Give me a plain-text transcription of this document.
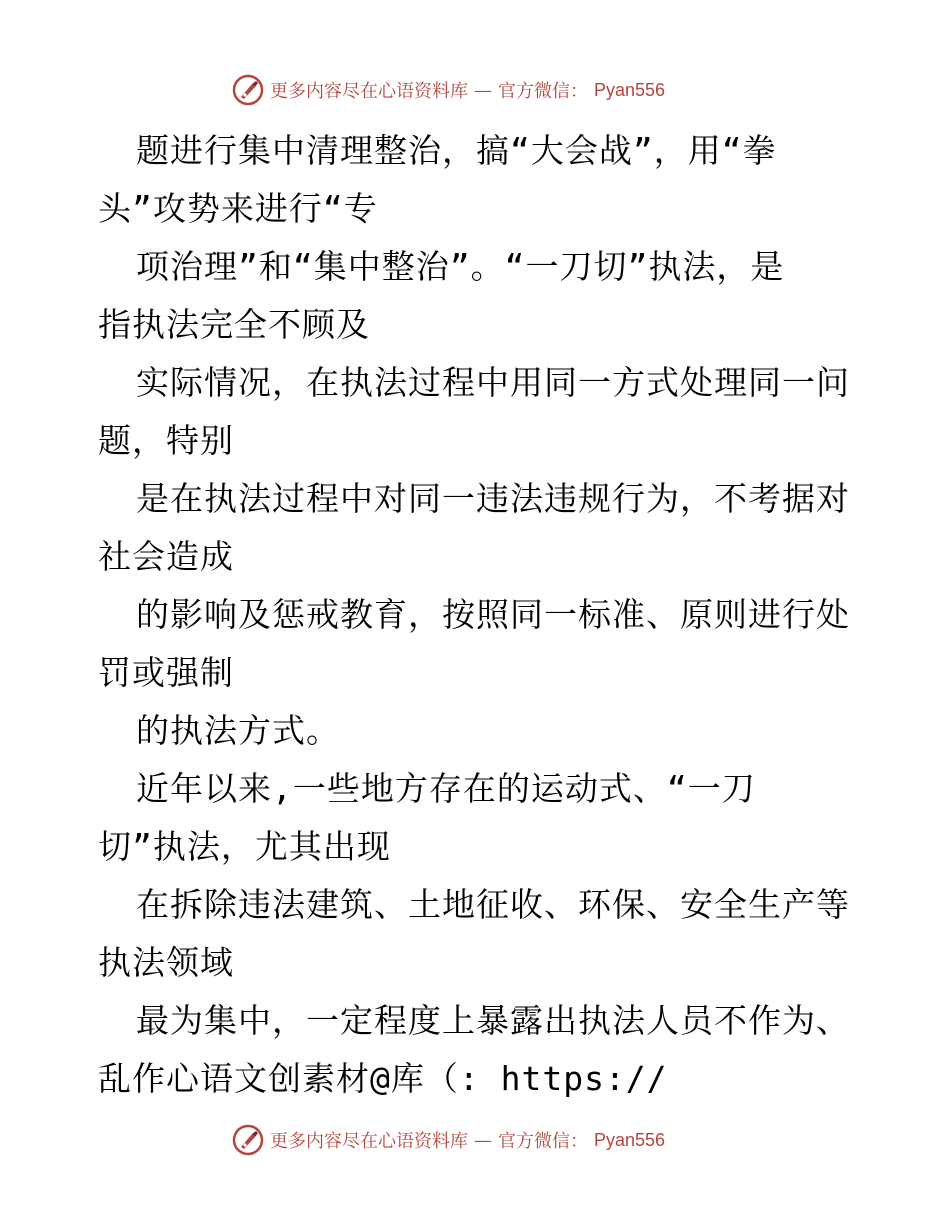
更多内容尽在心语资料库 — 官方微信： Pyan556
题进行集中清理整治，搞“大会战”，用“拳
头”攻势来进行“专
项治理”和“集中整治”。“一刀切”执法，是
指执法完全不顾及
实际情况，在执法过程中用同一方式处理同一问
题，特别
是在执法过程中对同一违法违规行为，不考据对
社会造成
的影响及惩戒教育，按照同一标准、原则进行处
罚或强制
的执法方式。
近年以来,一些地方存在的运动式、“一刀
切”执法，尤其出现
在拆除违法建筑、土地征收、环保、安全生产等
执法领域
最为集中，一定程度上暴露出执法人员不作为、
乱作心语文创素材@库（: https://
更多内容尽在心语资料库 — 官方微信： Pyan556
